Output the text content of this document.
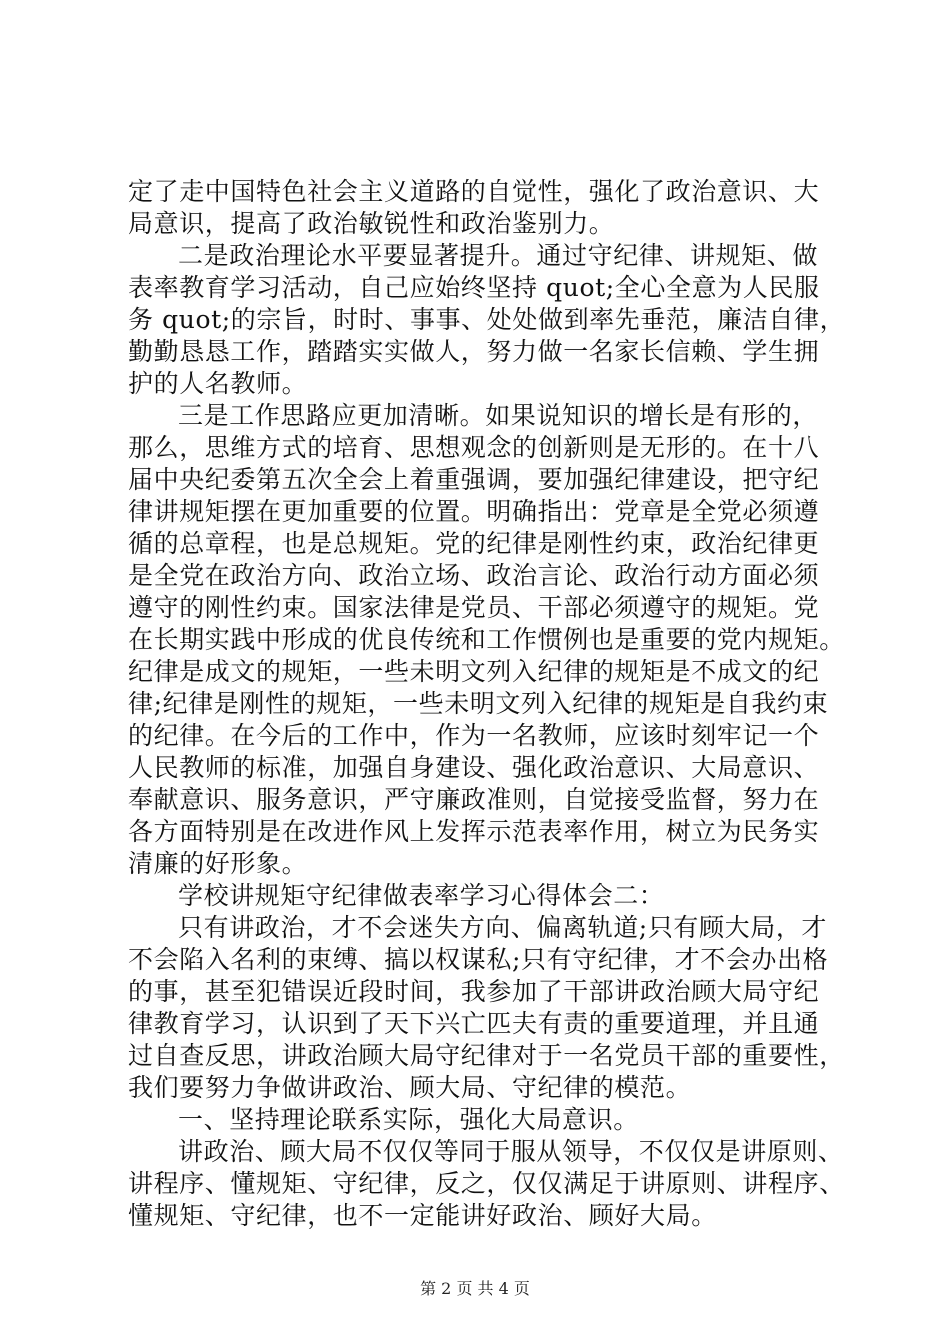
定了走中国特色社会主义道路的自觉性，强化了政治意识、大
局意识，提高了政治敏锐性和政治鉴别力。
二是政治理论水平要显著提升。通过守纪律、讲规矩、做
表率教育学习活动，自己应始终坚持 quot;全心全意为人民服
务 quot;的宗旨，时时、事事、处处做到率先垂范，廉洁自律，
勤勤恳恳工作，踏踏实实做人，努力做一名家长信赖、学生拥
护的人名教师。
三是工作思路应更加清晰。如果说知识的增长是有形的，
那么，思维方式的培育、思想观念的创新则是无形的。在十八
届中央纪委第五次全会上着重强调，要加强纪律建设，把守纪
律讲规矩摆在更加重要的位置。明确指出：党章是全党必须遵
循的总章程，也是总规矩。党的纪律是刚性约束，政治纪律更
是全党在政治方向、政治立场、政治言论、政治行动方面必须
遵守的刚性约束。国家法律是党员、干部必须遵守的规矩。党
在长期实践中形成的优良传统和工作惯例也是重要的党内规矩。
纪律是成文的规矩，一些未明文列入纪律的规矩是不成文的纪
律;纪律是刚性的规矩，一些未明文列入纪律的规矩是自我约束
的纪律。在今后的工作中，作为一名教师，应该时刻牢记一个
人民教师的标准，加强自身建设、强化政治意识、大局意识、
奉献意识、服务意识，严守廉政准则，自觉接受监督，努力在
各方面特别是在改进作风上发挥示范表率作用，树立为民务实
清廉的好形象。
学校讲规矩守纪律做表率学习心得体会二：
只有讲政治，才不会迷失方向、偏离轨道;只有顾大局，才
不会陷入名利的束缚、搞以权谋私;只有守纪律，才不会办出格
的事，甚至犯错误近段时间，我参加了干部讲政治顾大局守纪
律教育学习，认识到了天下兴亡匹夫有责的重要道理，并且通
过自查反思，讲政治顾大局守纪律对于一名党员干部的重要性，
我们要努力争做讲政治、顾大局、守纪律的模范。
一、坚持理论联系实际，强化大局意识。
讲政治、顾大局不仅仅等同于服从领导，不仅仅是讲原则、
讲程序、懂规矩、守纪律，反之，仅仅满足于讲原则、讲程序、
懂规矩、守纪律，也不一定能讲好政治、顾好大局。
第 2 页 共 4 页
